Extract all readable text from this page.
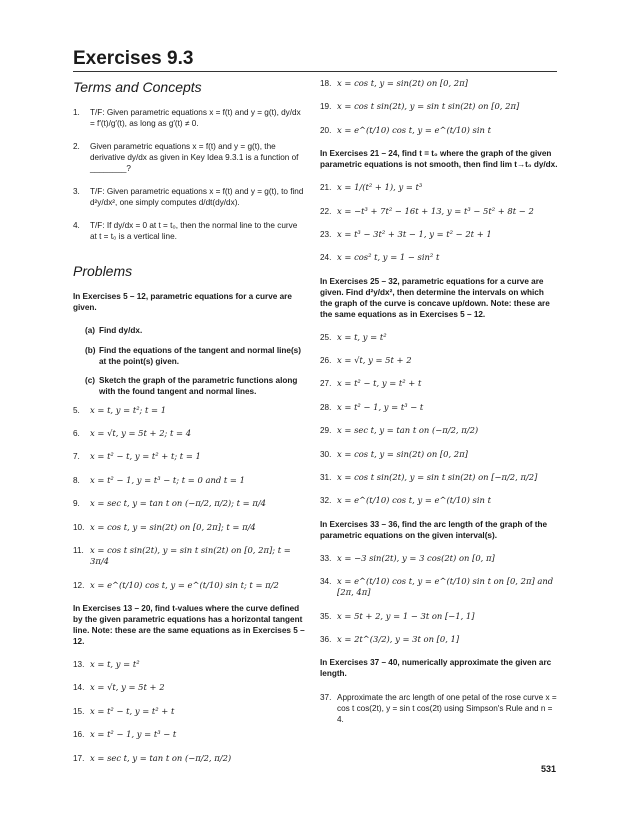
Exercises 9.3
Terms and Concepts
1.	T/F: Given parametric equations x = f(t) and y = g(t), dy/dx = f′(t)/g′(t), as long as g′(t) ≠ 0.
2.	Given parametric equations x = f(t) and y = g(t), the derivative dy/dx as given in Key Idea 9.3.1 is a function of ________?
3.	T/F: Given parametric equations x = f(t) and y = g(t), to find d²y/dx², one simply computes d/dt(dy/dx).
4.	T/F: If dy/dx = 0 at t = t₀, then the normal line to the curve at t = t₀ is a vertical line.
Problems
In Exercises 5 – 12, parametric equations for a curve are given.
(a) Find dy/dx.
(b) Find the equations of the tangent and normal line(s) at the point(s) given.
(c) Sketch the graph of the parametric functions along with the found tangent and normal lines.
5.	x = t, y = t²; t = 1
6.	x = √t, y = 5t + 2; t = 4
7.	x = t² − t, y = t² + t; t = 1
8.	x = t² − 1, y = t³ − t; t = 0 and t = 1
9.	x = sec t, y = tan t on (−π/2, π/2); t = π/4
10. x = cos t, y = sin(2t) on [0, 2π]; t = π/4
11. x = cos t sin(2t), y = sin t sin(2t) on [0, 2π]; t = 3π/4
12. x = e^(t/10) cos t, y = e^(t/10) sin t; t = π/2
In Exercises 13 – 20, find t-values where the curve defined by the given parametric equations has a horizontal tangent line. Note: these are the same equations as in Exercises 5 – 12.
13. x = t, y = t²
14. x = √t, y = 5t + 2
15. x = t² − t, y = t² + t
16. x = t² − 1, y = t³ − t
17. x = sec t, y = tan t on (−π/2, π/2)
18. x = cos t, y = sin(2t) on [0, 2π]
19. x = cos t sin(2t), y = sin t sin(2t) on [0, 2π]
20. x = e^(t/10) cos t, y = e^(t/10) sin t
In Exercises 21 – 24, find t = t₀ where the graph of the given parametric equations is not smooth, then find lim t→t₀ dy/dx.
21. x = 1/(t² + 1), y = t³
22. x = −t³ + 7t² − 16t + 13, y = t³ − 5t² + 8t − 2
23. x = t³ − 3t² + 3t − 1, y = t² − 2t + 1
24. x = cos² t, y = 1 − sin² t
In Exercises 25 – 32, parametric equations for a curve are given. Find d²y/dx², then determine the intervals on which the graph of the curve is concave up/down. Note: these are the same equations as in Exercises 5 – 12.
25. x = t, y = t²
26. x = √t, y = 5t + 2
27. x = t² − t, y = t² + t
28. x = t² − 1, y = t³ − t
29. x = sec t, y = tan t on (−π/2, π/2)
30. x = cos t, y = sin(2t) on [0, 2π]
31. x = cos t sin(2t), y = sin t sin(2t) on [−π/2, π/2]
32. x = e^(t/10) cos t, y = e^(t/10) sin t
In Exercises 33 – 36, find the arc length of the graph of the parametric equations on the given interval(s).
33. x = −3 sin(2t), y = 3 cos(2t) on [0, π]
34. x = e^(t/10) cos t, y = e^(t/10) sin t on [0, 2π] and [2π, 4π]
35. x = 5t + 2, y = 1 − 3t on [−1, 1]
36. x = 2t^(3/2), y = 3t on [0, 1]
In Exercises 37 – 40, numerically approximate the given arc length.
37. Approximate the arc length of one petal of the rose curve x = cos t cos(2t), y = sin t cos(2t) using Simpson's Rule and n = 4.
531
